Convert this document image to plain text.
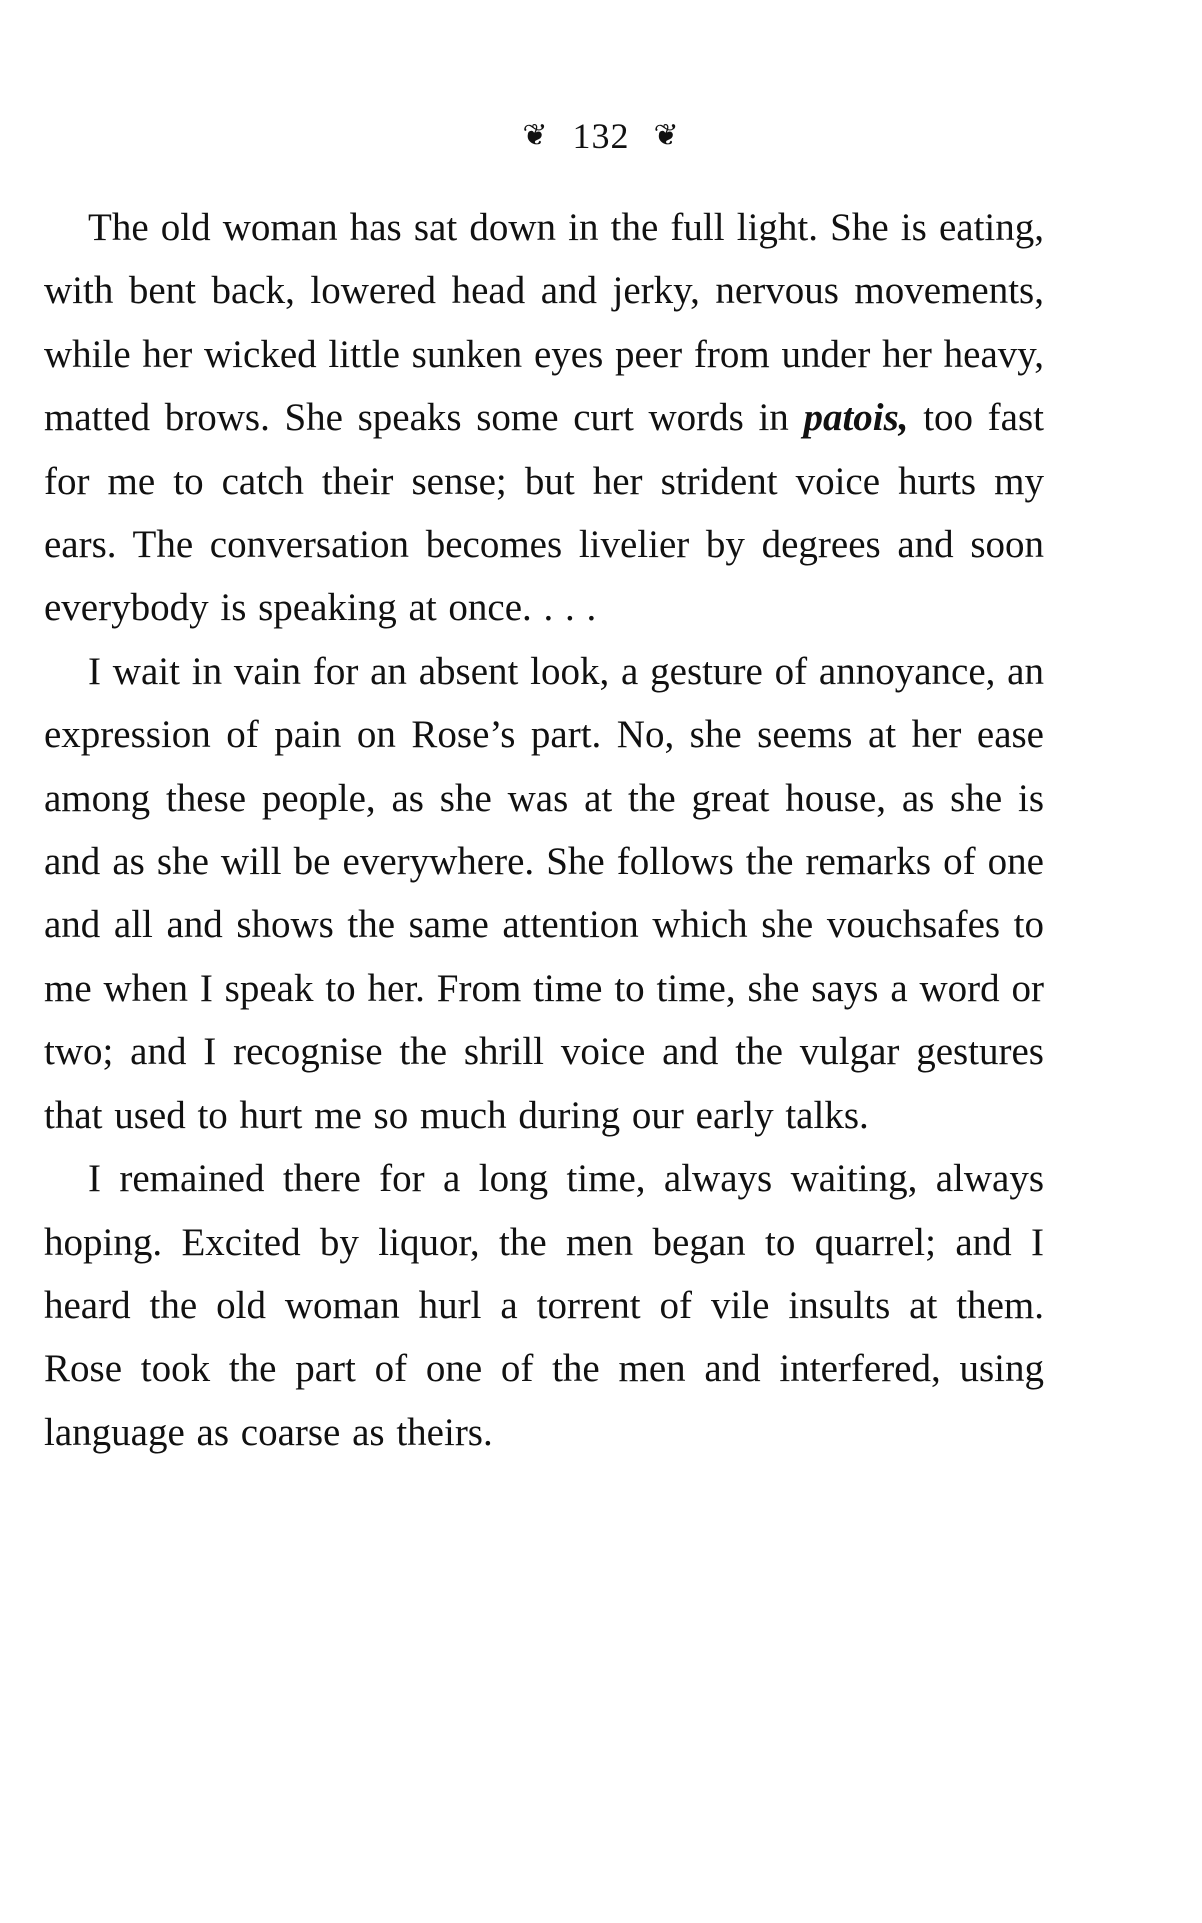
❦ 132 ❦

The old woman has sat down in the full light. She is eating, with bent back, lowered head and jerky, nervous movements, while her wicked little sunken eyes peer from under her heavy, matted brows. She speaks some curt words in patois, too fast for me to catch their sense; but her strident voice hurts my ears. The conversation becomes livelier by degrees and soon everybody is speaking at once. . . .

I wait in vain for an absent look, a gesture of annoyance, an expression of pain on Rose’s part. No, she seems at her ease among these people, as she was at the great house, as she is and as she will be everywhere. She follows the remarks of one and all and shows the same attention which she vouchsafes to me when I speak to her. From time to time, she says a word or two; and I recognise the shrill voice and the vulgar gestures that used to hurt me so much during our early talks.

I remained there for a long time, always waiting, always hoping. Excited by liquor, the men began to quarrel; and I heard the old woman hurl a torrent of vile insults at them. Rose took the part of one of the men and interfered, using language as coarse as theirs.
